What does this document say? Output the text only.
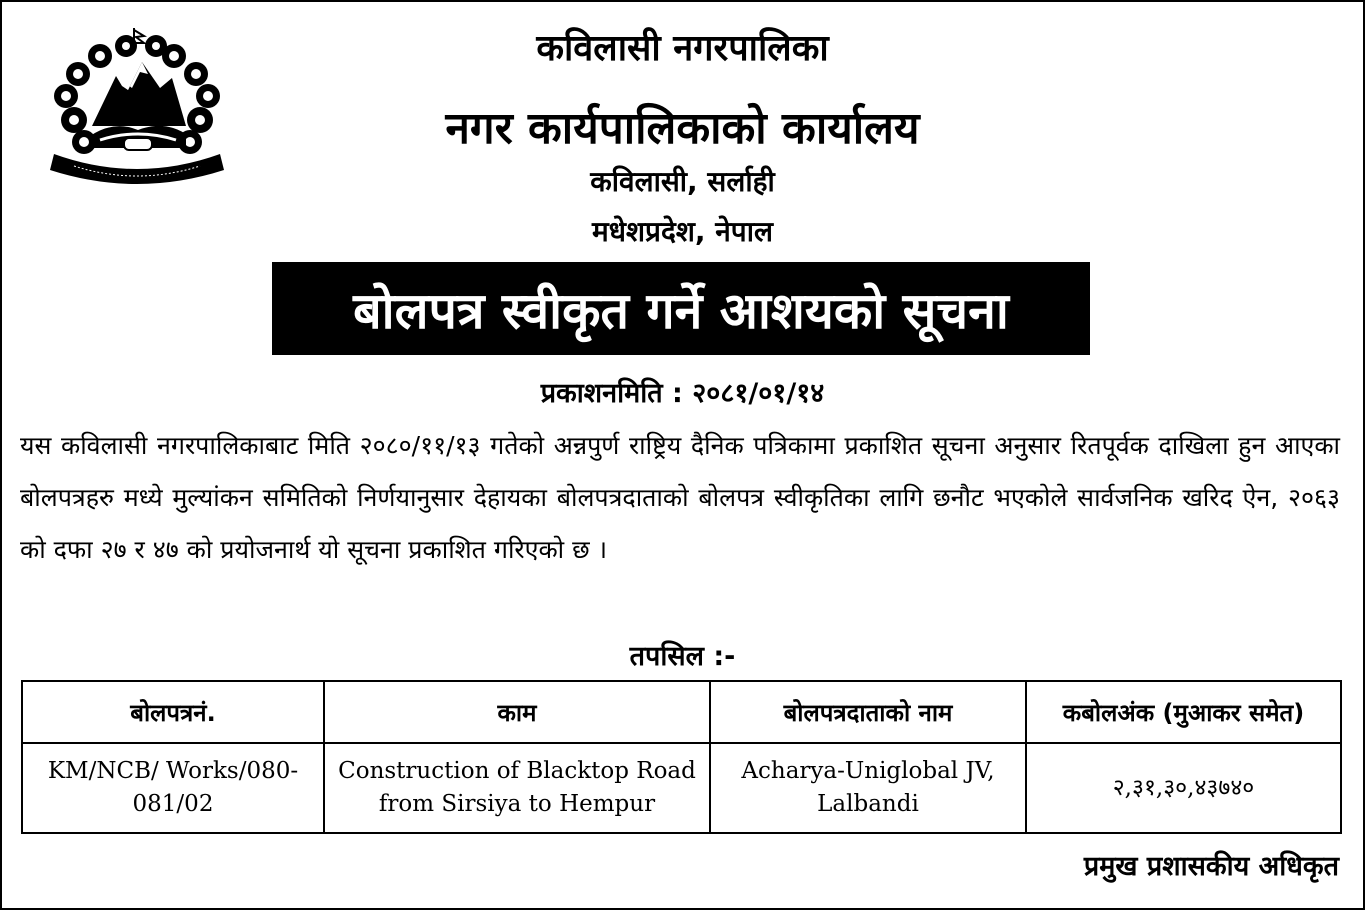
कविलासी नगरपालिका
नगर कार्यपालिकाको कार्यालय
कविलासी, सर्लाही
मधेशप्रदेश, नेपाल
बोलपत्र स्वीकृत गर्ने आशयको सूचना
प्रकाशनमिति : २०८१/०१/१४
यस कविलासी नगरपालिकाबाट मिति २०८०/११/१३ गतेको अन्नपुर्ण राष्ट्रिय दैनिक पत्रिकामा प्रकाशित सूचना अनुसार रितपूर्वक दाखिला हुन आएका बोलपत्रहरु मध्ये मुल्यांकन समितिको निर्णयानुसार देहायका बोलपत्रदाताको बोलपत्र स्वीकृतिका लागि छनौट भएकोले सार्वजनिक खरिद ऐन, २०६३ को दफा २७ र ४७ को प्रयोजनार्थ यो सूचना प्रकाशित गरिएको छ ।
तपसिल :-
बोलपत्रनं.	काम	बोलपत्रदाताको नाम	कबोलअंक (मुआकर समेत)
KM/NCB/ Works/080-081/02	Construction of Blacktop Road from Sirsiya to Hempur	Acharya-Uniglobal JV, Lalbandi	२,३१,३०,४३७४०
प्रमुख प्रशासकीय अधिकृत
